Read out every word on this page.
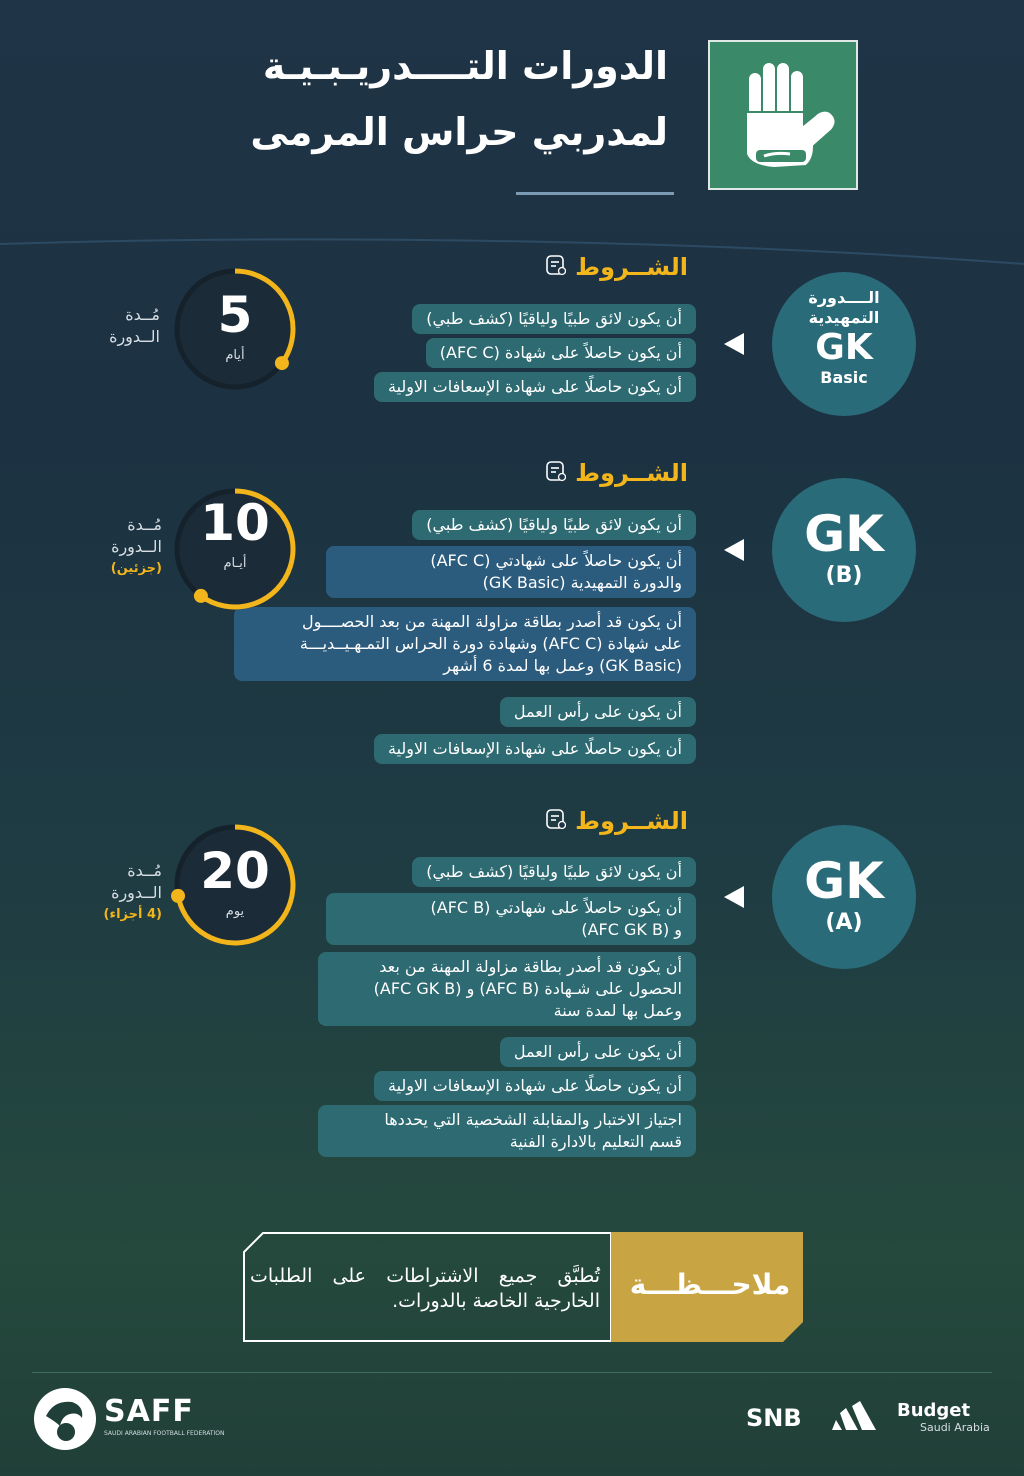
الدورات التــــدريـبـيـة
لمدربي حراس المرمى
الشــروط
أن يكون لائق طبيًا ولياقيًا (كشف طبي)
أن يكون حاصلاً على شهادة (AFC C)
أن يكون حاصلًا على شهادة الإسعافات الاولية
الــــدورة
التمهيدية
GK
Basic
مُــدة
الــدورة	5
أيام
الشــروط
أن يكون لائق طبيًا ولياقيًا (كشف طبي)
أن يكون حاصلاً على شهادتي (AFC C)
والدورة التمهيدية (GK Basic)
أن يكون قد أصدر بطاقة مزاولة المهنة من بعد الحصــــول
على شهادة (AFC C) وشهادة دورة الحراس التمـهـيــديـــة
(GK Basic) وعمل بها لمدة 6 أشهر
أن يكون على رأس العمل
أن يكون حاصلًا على شهادة الإسعافات الاولية
GK
(B)
مُــدة
الــدورة
(جزئين)
10
أيـام
الشــروط
أن يكون لائق طبيًا ولياقيًا (كشف طبي)
أن يكون حاصلاً على شهادتي (AFC B)
و (AFC GK B)
أن يكون قد أصدر بطاقة مزاولة المهنة من بعد
الحصول على شـهادة (AFC B) و (AFC GK B)
وعمل بها لمدة سنة
أن يكون على رأس العمل
أن يكون حاصلًا على شهادة الإسعافات الاولية
اجتياز الاختبار والمقابلة الشخصية التي يحددها
قسم التعليم بالادارة الفنية
GK
(A)
مُــدة
الــدورة
(4 أجزاء)
20
يوم
تُطبَّق جميع الاشتراطات على الطلبات الخارجية الخاصة بالدورات.	ملاحـــظـــة
SAFF
SAUDI ARABIAN FOOTBALL FEDERATION
SNB	Budget
Saudi Arabia
